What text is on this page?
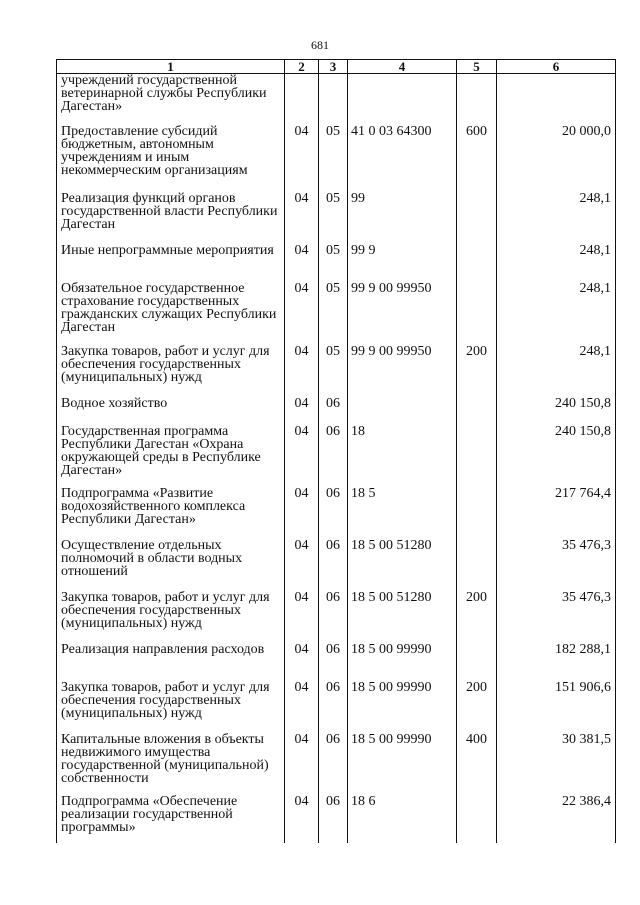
681
1	2	3	4	5	6
учреждений государственной ветеринарной службы Республики Дагестан»					
Предоставление субсидий бюджетным, автономным учреждениям и иным некоммерческим организациям	04	05	41 0 03 64300	600	20 000,0
Реализация функций органов государственной власти Республики Дагестан	04	05	99		248,1
Иные непрограммные мероприятия	04	05	99 9		248,1
Обязательное государственное страхование государственных гражданских служащих Республики Дагестан	04	05	99 9 00 99950		248,1
Закупка товаров, работ и услуг для обеспечения государственных (муниципальных) нужд	04	05	99 9 00 99950	200	248,1
Водное хозяйство	04	06			240 150,8
Государственная программа Республики Дагестан «Охрана окружающей среды в Республике Дагестан»	04	06	18		240 150,8
Подпрограмма «Развитие водохозяйственного комплекса Республики Дагестан»	04	06	18 5		217 764,4
Осуществление отдельных полномочий в области водных отношений	04	06	18 5 00 51280		35 476,3
Закупка товаров, работ и услуг для обеспечения государственных (муниципальных) нужд	04	06	18 5 00 51280	200	35 476,3
Реализация направления расходов	04	06	18 5 00 99990		182 288,1
Закупка товаров, работ и услуг для обеспечения государственных (муниципальных) нужд	04	06	18 5 00 99990	200	151 906,6
Капитальные вложения в объекты недвижимого имущества государственной (муниципальной) собственности	04	06	18 5 00 99990	400	30 381,5
Подпрограмма «Обеспечение реализации государственной программы»	04	06	18 6		22 386,4
